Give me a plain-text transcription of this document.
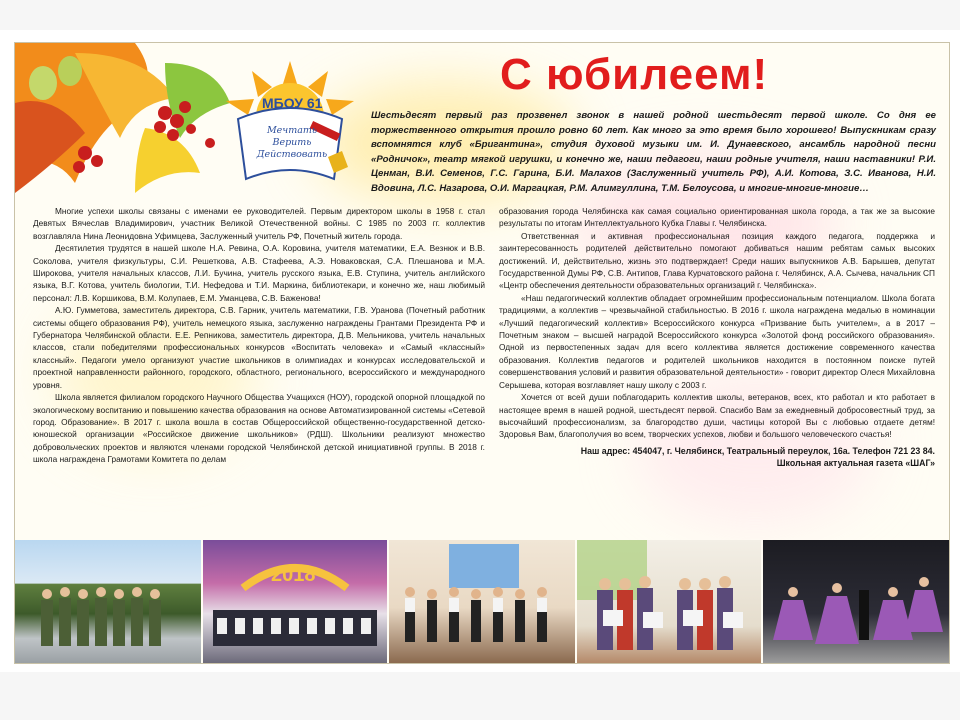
МБОУ 61
Мечтать
Верить
Действовать
С юбилеем!

Шестьдесят первый раз прозвенел звонок в нашей родной шестьдесят первой школе. Со дня ее торжественного открытия прошло ровно 60 лет. Как много за это время было хорошего! Выпускникам сразу вспомнятся клуб «Бригантина», студия духовой музыки им. И. Дунаевского, ансамбль народной песни «Родничок», театр мягкой игрушки, и конечно же, наши педагоги, наши родные учителя, наши наставники! Р.И. Ценман, В.И. Семенов, Г.С. Гарина, Б.И. Малахов (Заслуженный учитель РФ), А.И. Котова, З.С. Иванова, Н.И. Вдовина, Л.С. Назарова, О.И. Маргацкая, Р.М. Алимгуллина, Т.М. Белоусова, и многие-многие-многие…

Многие успехи школы связаны с именами ее руководителей. Первым директором школы в 1958 г. стал Девятых Вячеслав Владимирович, участник Великой Отечественной войны. С 1985 по 2003 гг. коллектив возглавляла Нина Леонидовна Уфимцева, Заслуженный учитель РФ, Почетный житель города.

Десятилетия трудятся в нашей школе Н.А. Ревина, О.А. Коровина, учителя математики, Е.А. Везнюк и В.В. Соколова, учителя физкультуры, С.И. Решеткова, А.В. Стафеева, А.Э. Новаковская, С.А. Плешанова и М.А. Широкова, учителя начальных классов, Л.И. Бучина, учитель русского языка, Е.В. Ступина, учитель английского языка, В.Г. Котова, учитель биологии, Т.И. Нефедова и Т.И. Маркина, библиотекари, и конечно же, наш любимый персонал: Л.В. Коршикова, В.М. Колупаев, Е.М. Уманцева, С.В. Баженова!

А.Ю. Гумметова, заместитель директора, С.В. Гарник, учитель математики, Г.В. Уранова (Почетный работник системы общего образования РФ), учитель немецкого языка, заслуженно награждены Грантами Президента РФ и Губернатора Челябинской области. Е.Е. Репникова, заместитель директора, Д.В. Мельникова, учитель начальных классов, стали победителями профессиональных конкурсов «Воспитать человека» и «Самый «классный» классный». Педагоги умело организуют участие школьников в олимпиадах и конкурсах исследовательской и проектной направленности районного, городского, областного, регионального, всероссийского и международного уровня.

Школа является филиалом городского Научного Общества Учащихся (НОУ), городской опорной площадкой по экологическому воспитанию и повышению качества образования на основе Автоматизированной системы «Сетевой город. Образование». В 2017 г. школа вошла в состав Общероссийской общественно-государственной детско-юношеской организации «Российское движение школьников» (РДШ). Школьники реализуют множество добровольческих проектов и являются членами городской Челябинской детской инициативной группы. В 2018 г. школа награждена Грамотами Комитета по делам

образования города Челябинска как самая социально ориентированная школа города, а так же за высокие результаты по итогам Интеллектуального Кубка Главы г. Челябинска.

Ответственная и активная профессиональная позиция каждого педагога, поддержка и заинтересованность родителей действительно помогают добиваться нашим ребятам самых высоких достижений. И, действительно, жизнь это подтверждает! Среди наших выпускников А.В. Барышев, депутат Государственной Думы РФ, С.В. Антипов, Глава Курчатовского района г. Челябинск, А.А. Сычева, начальник СП «Центр обеспечения деятельности образовательных организаций г. Челябинска».

«Наш педагогический коллектив обладает огромнейшим профессиональным потенциалом. Школа богата традициями, а коллектив – чрезвычайной стабильностью. В 2016 г. школа награждена медалью в номинации «Лучший педагогический коллектив» Всероссийского конкурса «Призвание быть учителем», а в 2017 – Почетным знаком – высшей наградой Всероссийского конкурса «Золотой фонд российского образования». Одной из первостепенных задач для всего коллектива является достижение современного качества образования. Коллектив педагогов и родителей школьников находится в постоянном поиске путей совершенствования условий и развития образовательной деятельности» - говорит директор Олеся Михайловна Серышева, которая возглавляет нашу школу с 2003 г.

Хочется от всей души поблагодарить коллектив школы, ветеранов, всех, кто работал и кто работает в настоящее время в нашей родной, шестьдесят первой. Спасибо Вам за ежедневный добросовестный труд, за высочайший профессионализм, за благородство души, частицы которой Вы с любовью отдаете детям! Здоровья Вам, благополучия во всем, творческих успехов, любви и большого человеческого счастья!

Наш адрес: 454047, г. Челябинск, Театральный переулок, 16а. Телефон 721 23 84.

Школьная актуальная газета «ШАГ»

2018
